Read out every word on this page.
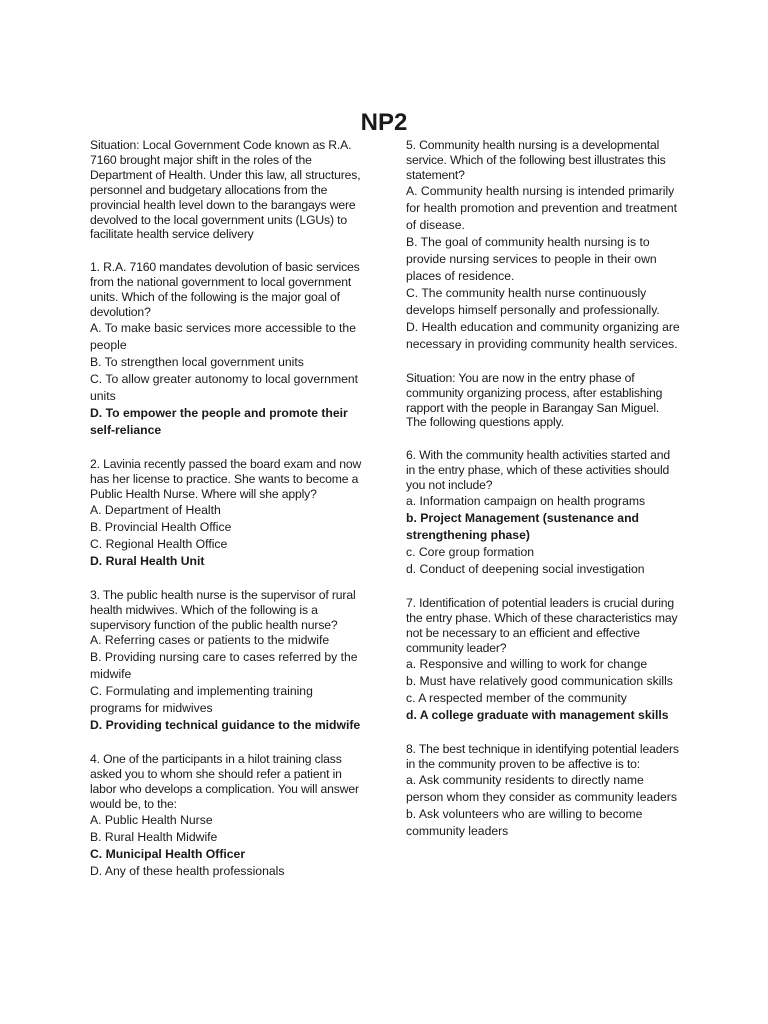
NP2
Situation: Local Government Code known as R.A. 7160 brought major shift in the roles of the Department of Health. Under this law, all structures, personnel and budgetary allocations from the provincial health level down to the barangays were devolved to the local government units (LGUs) to facilitate health service delivery
1. R.A. 7160 mandates devolution of basic services from the national government to local government units. Which of the following is the major goal of devolution?
A. To make basic services more accessible to the people
B. To strengthen local government units
C. To allow greater autonomy to local government units
D. To empower the people and promote their self-reliance
2. Lavinia recently passed the board exam and now has her license to practice. She wants to become a Public Health Nurse. Where will she apply?
A. Department of Health
B. Provincial Health Office
C. Regional Health Office
D. Rural Health Unit
3. The public health nurse is the supervisor of rural health midwives. Which of the following is a supervisory function of the public health nurse?
A. Referring cases or patients to the midwife
B. Providing nursing care to cases referred by the midwife
C. Formulating and implementing training programs for midwives
D. Providing technical guidance to the midwife
4. One of the participants in a hilot training class asked you to whom she should refer a patient in labor who develops a complication. You will answer would be, to the:
A. Public Health Nurse
B. Rural Health Midwife
C. Municipal Health Officer
D. Any of these health professionals
5. Community health nursing is a developmental service. Which of the following best illustrates this statement?
A. Community health nursing is intended primarily for health promotion and prevention and treatment of disease.
B. The goal of community health nursing is to provide nursing services to people in their own places of residence.
C. The community health nurse continuously develops himself personally and professionally.
D. Health education and community organizing are necessary in providing community health services.
Situation: You are now in the entry phase of community organizing process, after establishing rapport with the people in Barangay San Miguel. The following questions apply.
6. With the community health activities started and in the entry phase, which of these activities should you not include?
a. Information campaign on health programs
b. Project Management (sustenance and strengthening phase)
c. Core group formation
d. Conduct of deepening social investigation
7. Identification of potential leaders is crucial during the entry phase. Which of these characteristics may not be necessary to an efficient and effective community leader?
a. Responsive and willing to work for change
b. Must have relatively good communication skills
c. A respected member of the community
d. A college graduate with management skills
8. The best technique in identifying potential leaders in the community proven to be affective is to:
a. Ask community residents to directly name person whom they consider as community leaders
b. Ask volunteers who are willing to become community leaders
